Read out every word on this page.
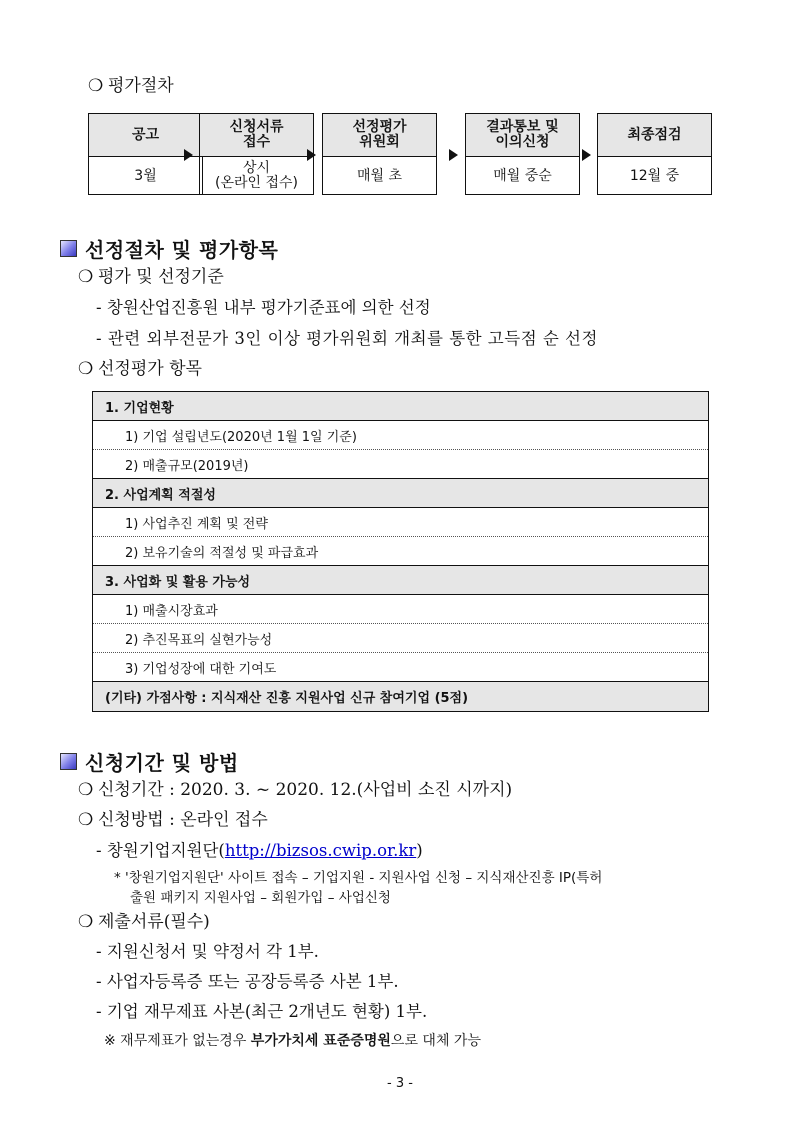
❍ 평가절차
공고
3월
신청서류
접수
상시
(온라인 접수)
선정평가
위원회
매월 초
결과통보 및
이의신청
매월 중순
최종점검
12월 중
선정절차 및 평가항목
❍ 평가 및 선정기준
- 창원산업진흥원 내부 평가기준표에 의한 선정
- 관련 외부전문가 3인 이상 평가위원회 개최를 통한 고득점 순 선정
❍ 선정평가 항목
1. 기업현황
1) 기업 설립년도(2020년 1월 1일 기준)
2) 매출규모(2019년)
2. 사업계획 적절성
1) 사업추진 계획 및 전략
2) 보유기술의 적절성 및 파급효과
3. 사업화 및 활용 가능성
1) 매출시장효과
2) 추진목표의 실현가능성
3) 기업성장에 대한 기여도
(기타) 가점사항 : 지식재산 진흥 지원사업 신규 참여기업 (5점)
신청기간 및 방법
❍ 신청기간 : 2020. 3. ~ 2020. 12.(사업비 소진 시까지)
❍ 신청방법 : 온라인 접수
- 창원기업지원단(http://bizsos.cwip.or.kr)
* '창원기업지원단' 사이트 접속 – 기업지원 - 지원사업 신청 – 지식재산진흥 IP(특허
출원 패키지 지원사업 – 회원가입 – 사업신청
❍ 제출서류(필수)
- 지원신청서 및 약정서 각 1부.
- 사업자등록증 또는 공장등록증 사본 1부.
- 기업 재무제표 사본(최근 2개년도 현황) 1부.
※ 재무제표가 없는경우 부가가치세 표준증명원으로 대체 가능
- 3 -
